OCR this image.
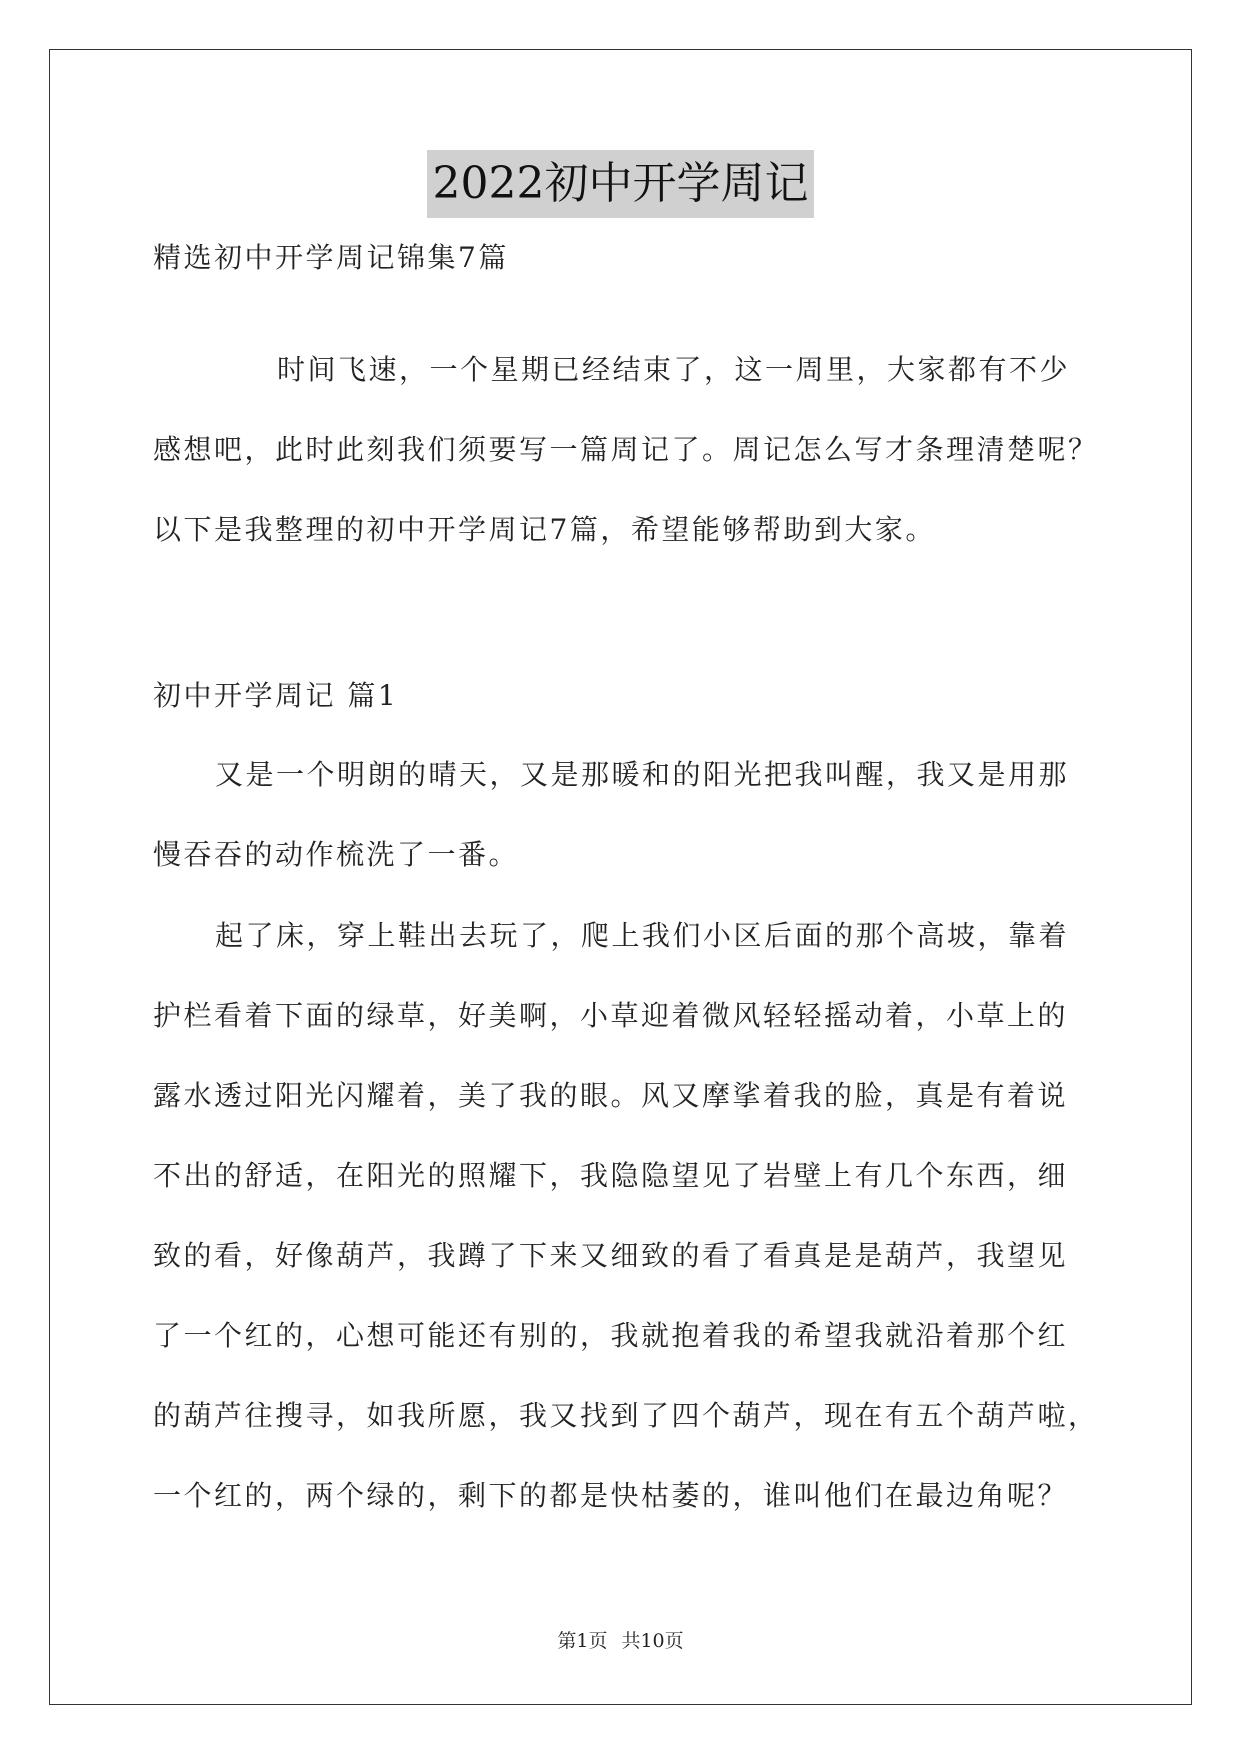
2022初中开学周记
精选初中开学周记锦集7篇
时间飞速，一个星期已经结束了，这一周里，大家都有不少
感想吧，此时此刻我们须要写一篇周记了。周记怎么写才条理清楚呢？
以下是我整理的初中开学周记7篇，希望能够帮助到大家。
初中开学周记 篇1
又是一个明朗的晴天，又是那暖和的阳光把我叫醒，我又是用那
慢吞吞的动作梳洗了一番。
起了床，穿上鞋出去玩了，爬上我们小区后面的那个高坡，靠着
护栏看着下面的绿草，好美啊，小草迎着微风轻轻摇动着，小草上的
露水透过阳光闪耀着，美了我的眼。风又摩挲着我的脸，真是有着说
不出的舒适，在阳光的照耀下，我隐隐望见了岩壁上有几个东西，细
致的看，好像葫芦，我蹲了下来又细致的看了看真是是葫芦，我望见
了一个红的，心想可能还有别的，我就抱着我的希望我就沿着那个红
的葫芦往搜寻，如我所愿，我又找到了四个葫芦，现在有五个葫芦啦，
一个红的，两个绿的，剩下的都是快枯萎的，谁叫他们在最边角呢？
第1页 共10页
